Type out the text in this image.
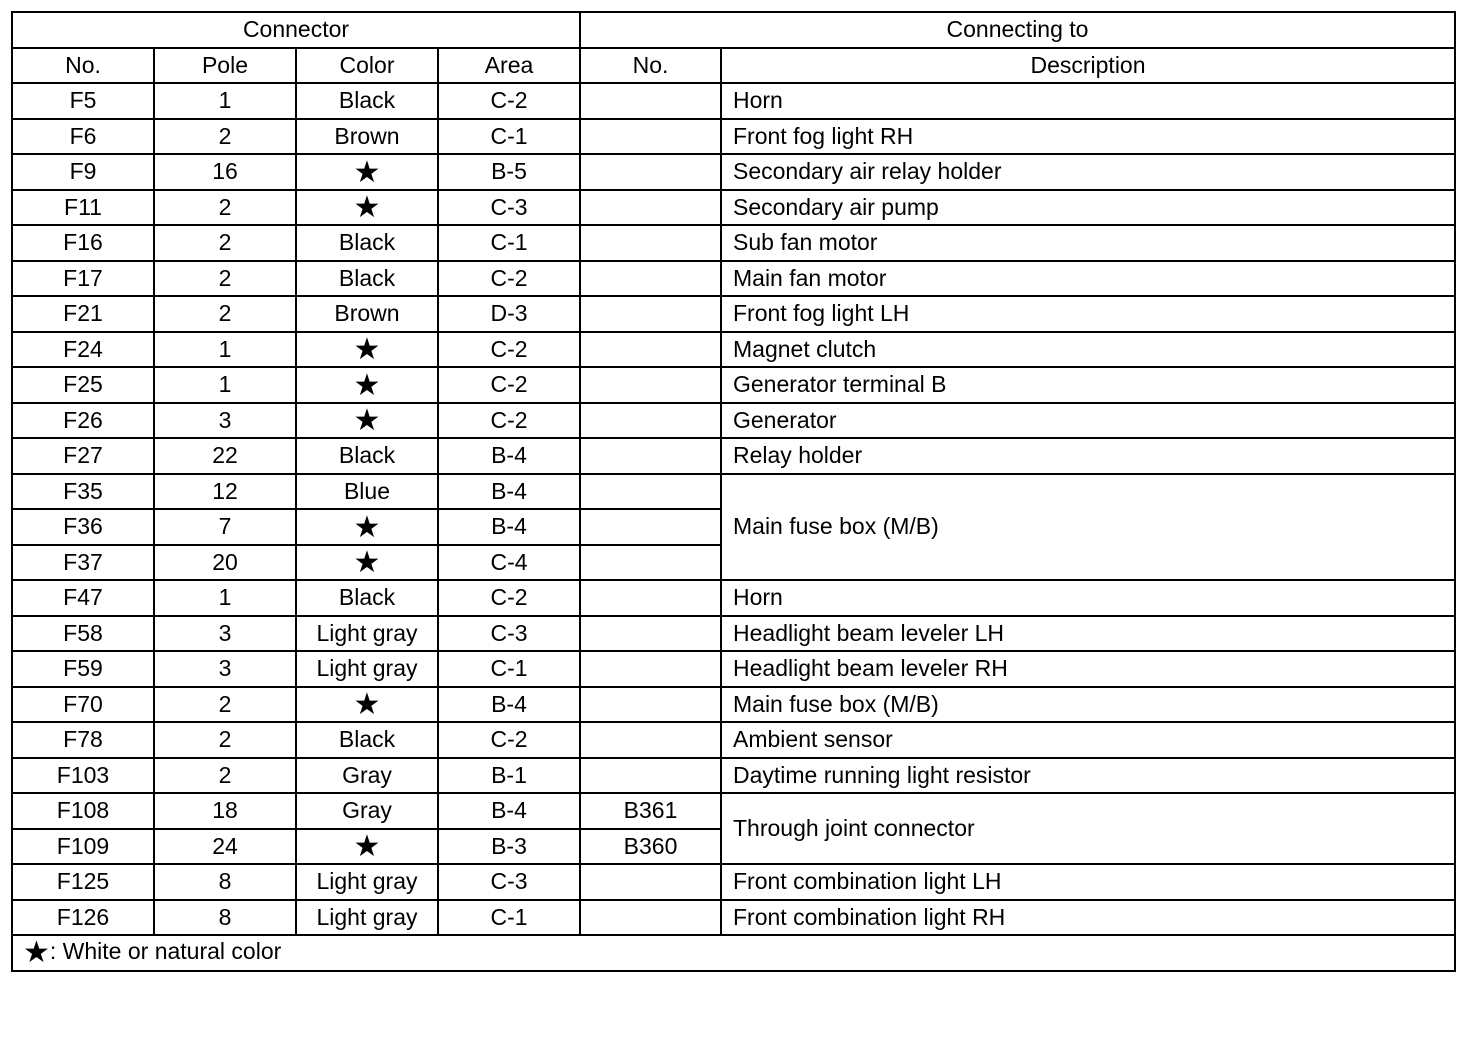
Connector				Connecting to	
No.	Pole	Color	Area	No.	Description
F5	1	Black	C-2		Horn
F6	2	Brown	C-1		Front fog light RH
F9	16	★	B-5		Secondary air relay holder
F11	2	★	C-3		Secondary air pump
F16	2	Black	C-1		Sub fan motor
F17	2	Black	C-2		Main fan motor
F21	2	Brown	D-3		Front fog light LH
F24	1	★	C-2		Magnet clutch
F25	1	★	C-2		Generator terminal B
F26	3	★	C-2		Generator
F27	22	Black	B-4		Relay holder
F35	12	Blue	B-4		Main fuse box (M/B)
F36	7	★	B-4		
F37	20	★	C-4		
F47	1	Black	C-2		Horn
F58	3	Light gray	C-3		Headlight beam leveler LH
F59	3	Light gray	C-1		Headlight beam leveler RH
F70	2	★	B-4		Main fuse box (M/B)
F78	2	Black	C-2		Ambient sensor
F103	2	Gray	B-1		Daytime running light resistor
F108	18	Gray	B-4	B361	Through joint connector
F109	24	★	B-3	B360	
F125	8	Light gray	C-3		Front combination light LH
F126	8	Light gray	C-1		Front combination light RH
★: White or natural color					
